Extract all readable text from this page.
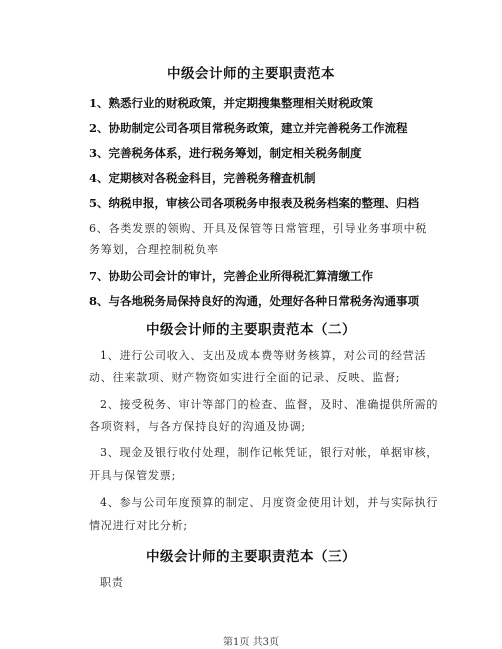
中级会计师的主要职责范本
1、熟悉行业的财税政策，并定期搜集整理相关财税政策
2、协助制定公司各项目常税务政策，建立并完善税务工作流程
3、完善税务体系，进行税务筹划，制定相关税务制度
4、定期核对各税金科目，完善税务稽查机制
5、纳税申报，审核公司各项税务申报表及税务档案的整理、归档
6、各类发票的领购、开具及保管等日常管理，引导业务事项中税
务筹划，合理控制税负率
7、协助公司会计的审计，完善企业所得税汇算清缴工作
8、与各地税务局保持良好的沟通，处理好各种日常税务沟通事项
中级会计师的主要职责范本（二）
1、进行公司收入、支出及成本费等财务核算，对公司的经营活
动、往来款项、财产物资如实进行全面的记录、反映、监督;
2、接受税务、审计等部门的检查、监督，及时、准确提供所需的
各项资料，与各方保持良好的沟通及协调;
3、现金及银行收付处理，制作记帐凭证，银行对帐，单据审核，
开具与保管发票;
4、参与公司年度预算的制定、月度资金使用计划，并与实际执行
情况进行对比分析;
中级会计师的主要职责范本（三）
职责
第1页 共3页
